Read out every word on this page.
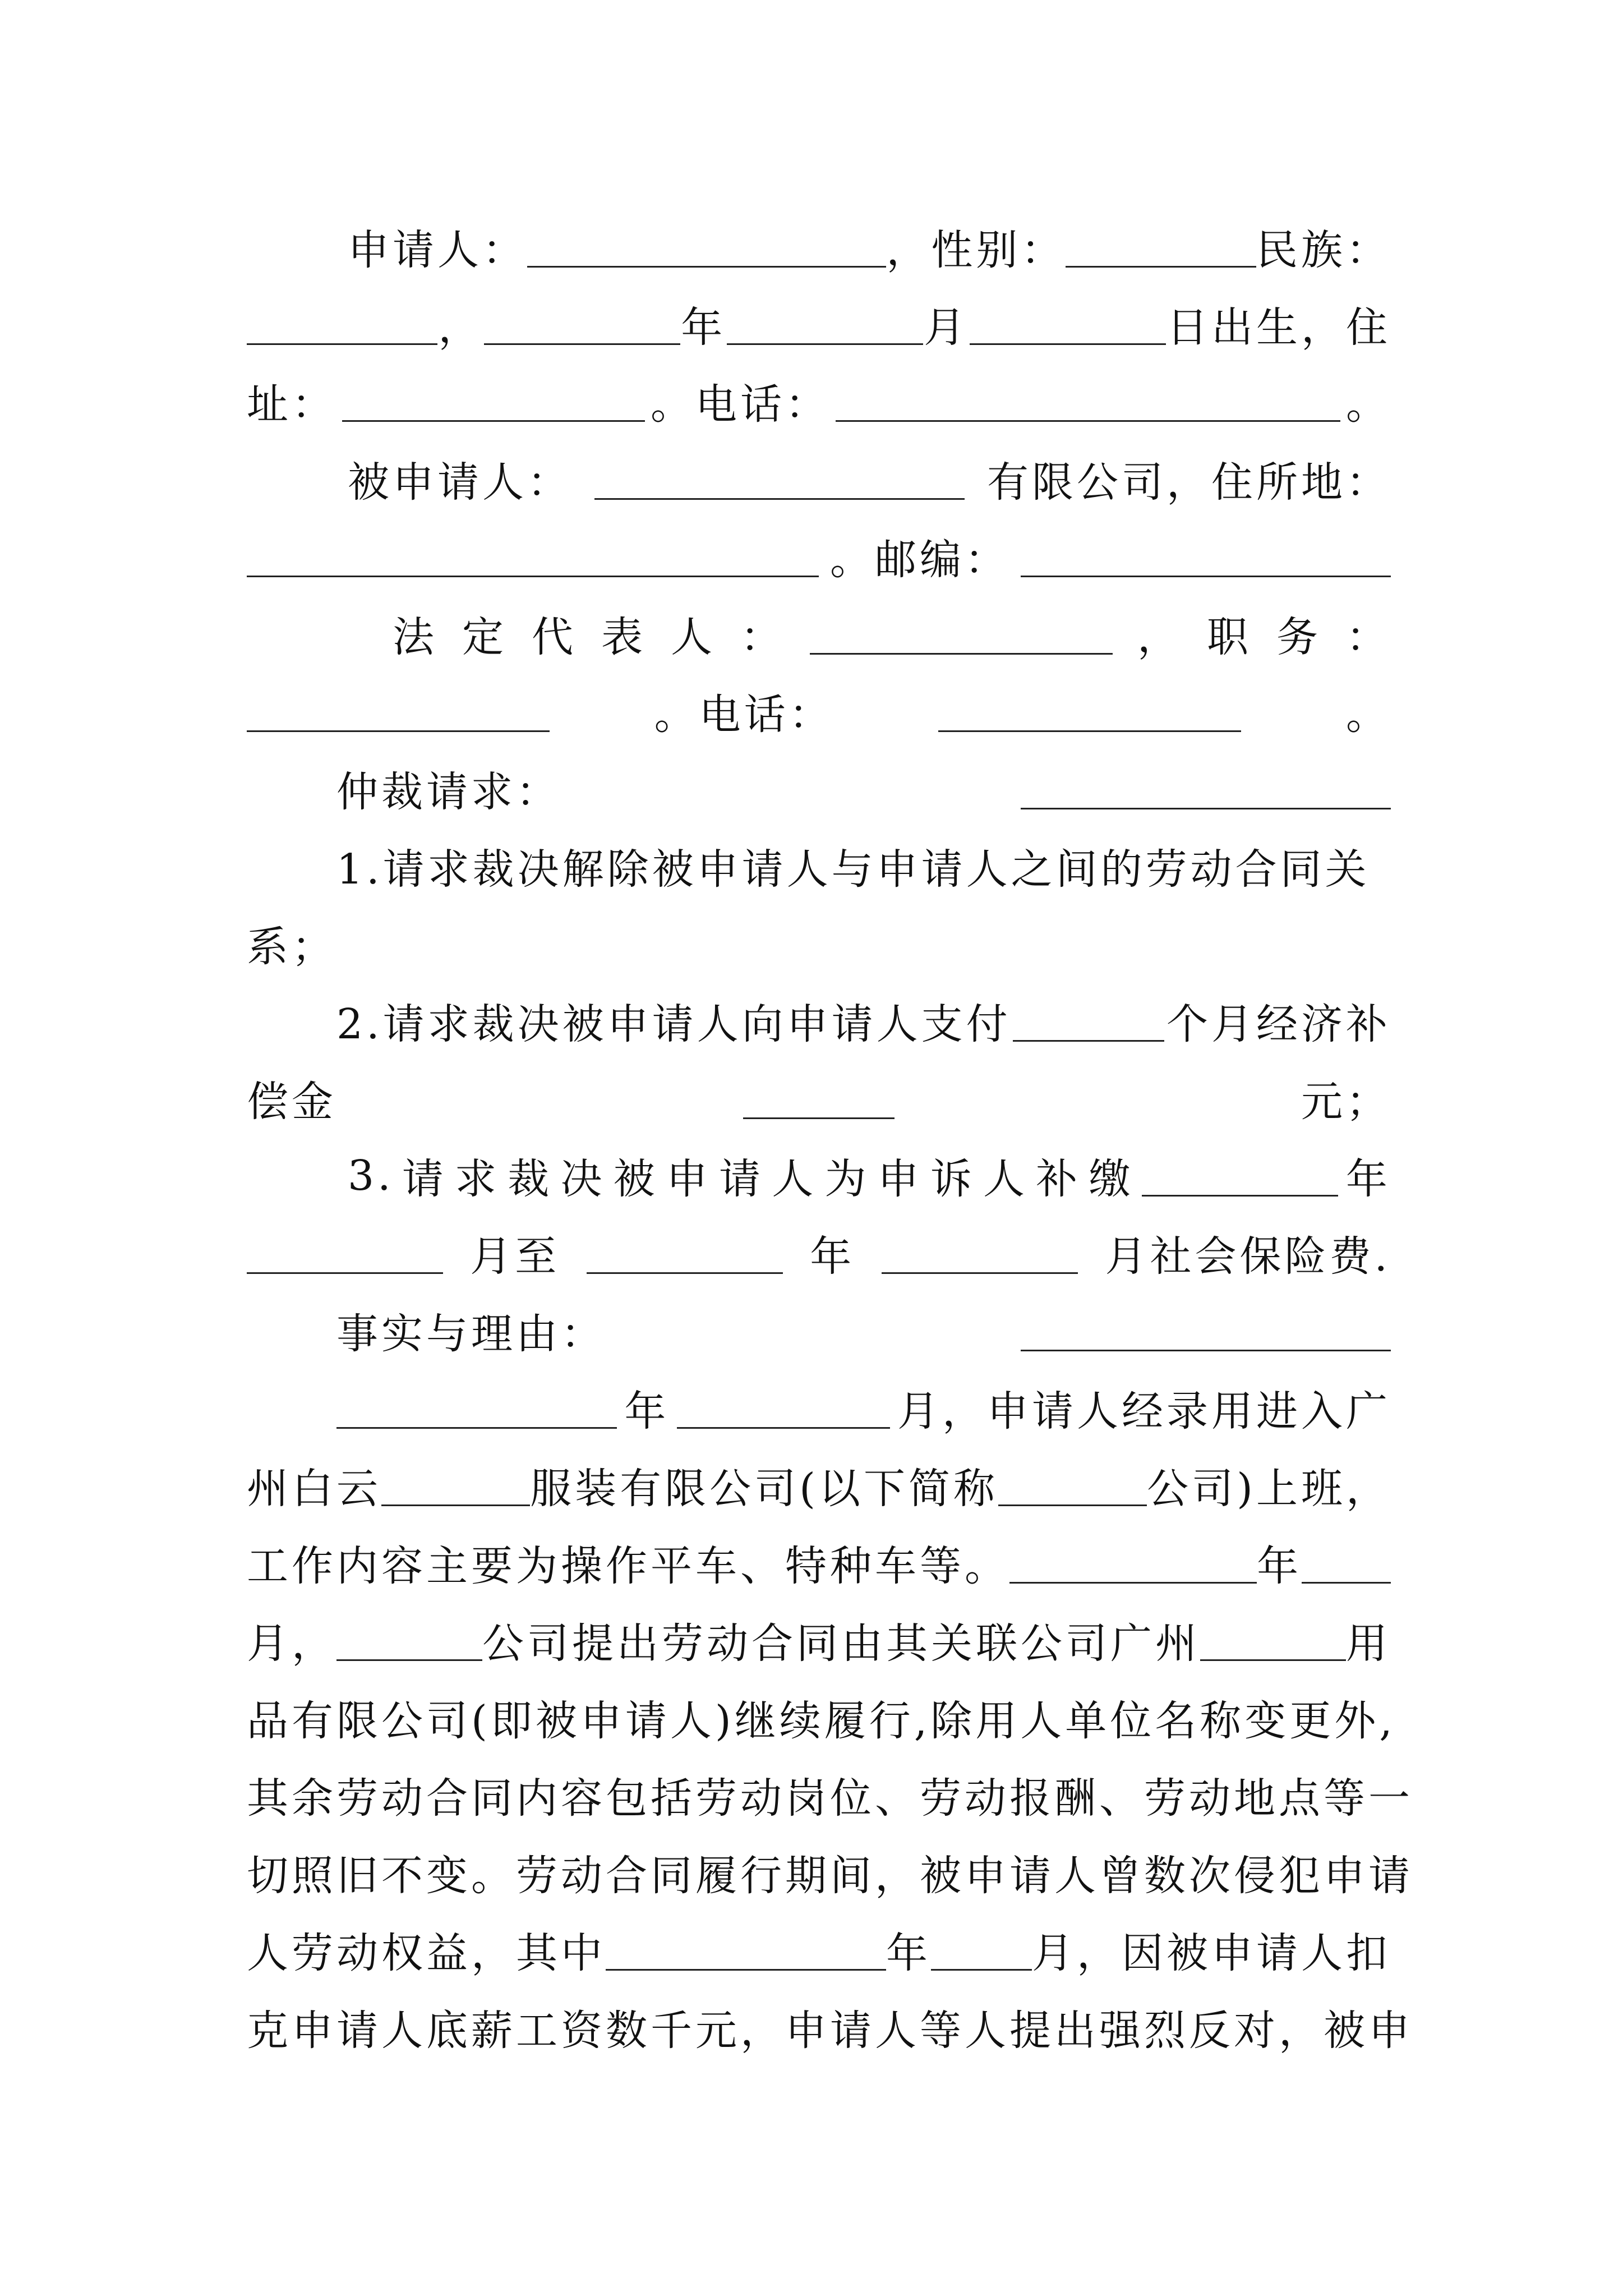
申请人：	，性别：	民族：
，	年	月	日出生，住
址：	。电话：	。
被申请人：	有限公司，住所地：
。邮编：
法 定 代 表 人 ：	， 职 务 ：
。电话：	。
仲裁请求：
1.请求裁决解除被申请人与申请人之间的劳动合同关
系；
2.请求裁决被申请人向申请人支付	个月经济补
偿金	元；
3. 请 求 裁 决 被 申 请 人 为 申 诉 人 补 缴	年
月至	年	月社会保险费.
事实与理由：
年	月，申请人经录用进入广
州白云	服装有限公司(以下简称	公司)上班，
工作内容主要为操作平车、特种车等。	年
月，	公司提出劳动合同由其关联公司广州	用
品有限公司(即被申请人)继续履行,除用人单位名称变更外,
其余劳动合同内容包括劳动岗位、劳动报酬、劳动地点等一
切照旧不变。劳动合同履行期间，被申请人曾数次侵犯申请
人劳动权益，其中	年 月，因被申请人扣
克申请人底薪工资数千元，申请人等人提出强烈反对，被申
